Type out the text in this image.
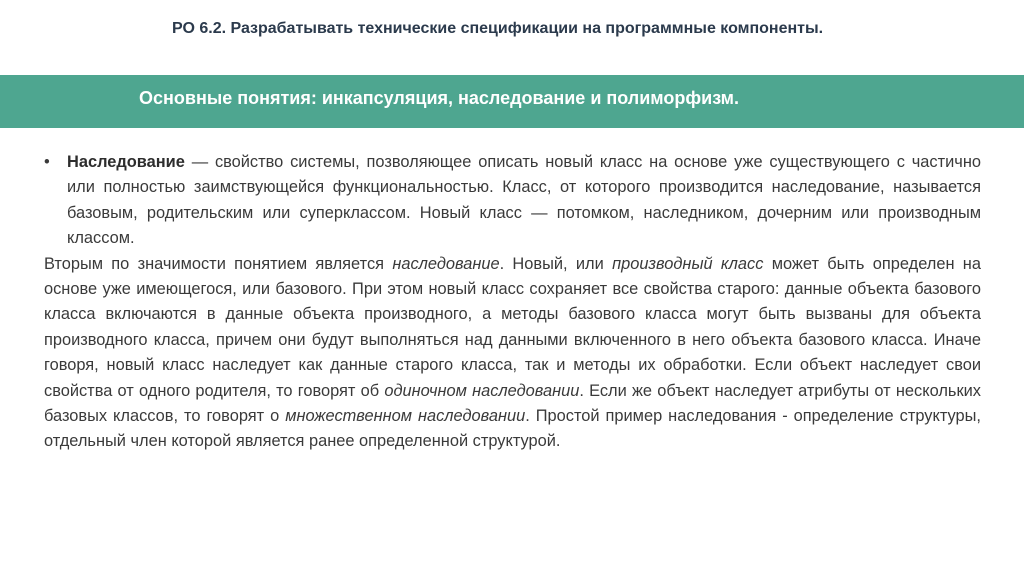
РО 6.2. Разрабатывать технические спецификации на программные компоненты.
Основные понятия: инкапсуляция, наследование и полиморфизм.
• Наследование — свойство системы, позволяющее описать новый класс на основе уже существующего с частично или полностью заимствующейся функциональностью. Класс, от которого производится наследование, называется базовым, родительским или суперклассом. Новый класс — потомком, наследником, дочерним или производным классом.
Вторым по значимости понятием является наследование. Новый, или производный класс может быть определен на основе уже имеющегося, или базового. При этом новый класс сохраняет все свойства старого: данные объекта базового класса включаются в данные объекта производного, а методы базового класса могут быть вызваны для объекта производного класса, причем они будут выполняться над данными включенного в него объекта базового класса. Иначе говоря, новый класс наследует как данные старого класса, так и методы их обработки. Если объект наследует свои свойства от одного родителя, то говорят об одиночном наследовании. Если же объект наследует атрибуты от нескольких базовых классов, то говорят о множественном наследовании. Простой пример наследования - определение структуры, отдельный член которой является ранее определенной структурой.
